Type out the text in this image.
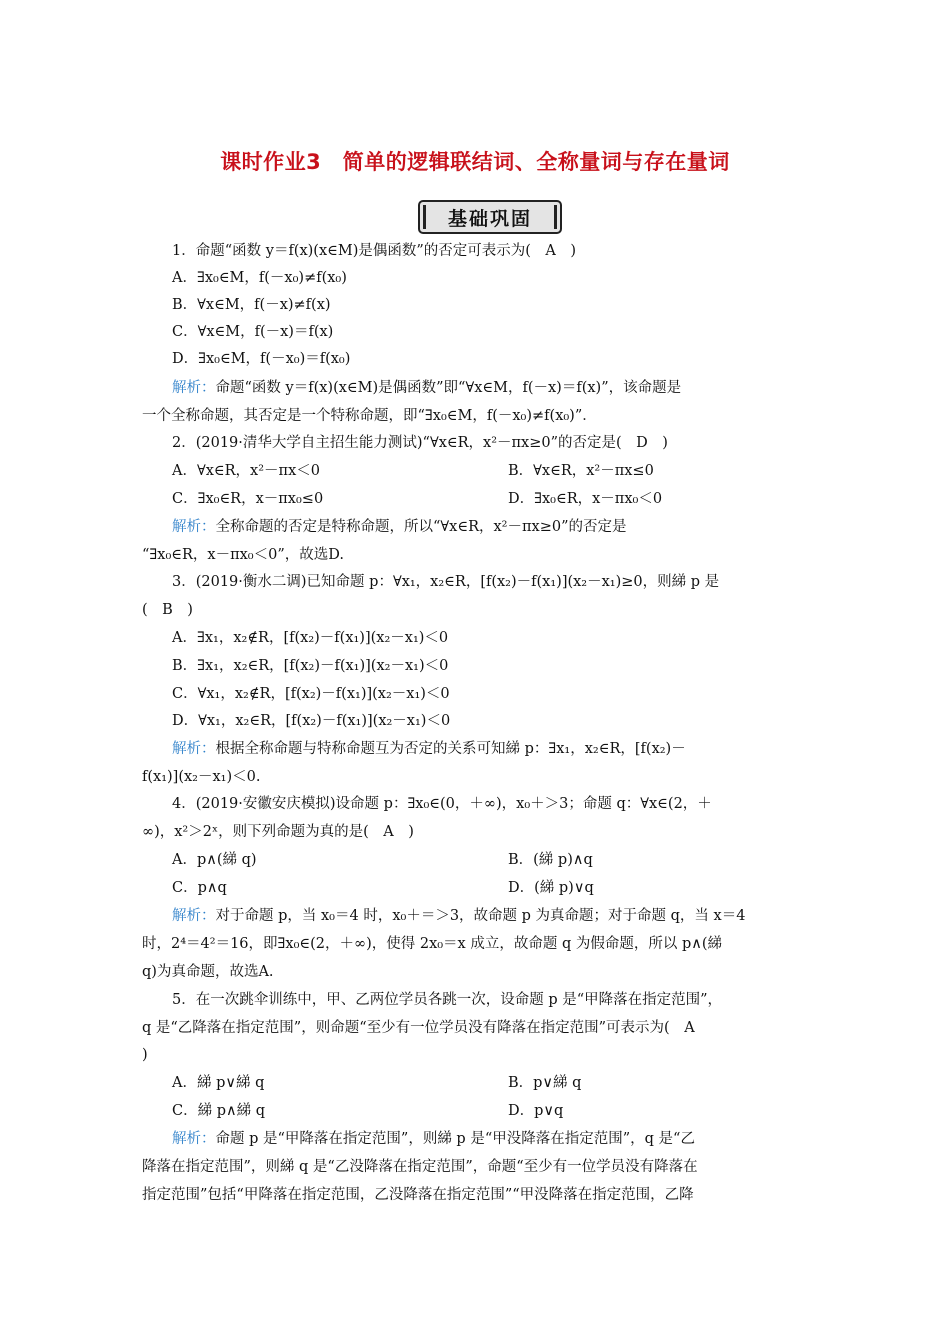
课时作业3　简单的逻辑联结词、全称量词与存在量词
基础巩固
1．命题“函数 y＝f(x)(x∈M)是偶函数”的否定可表示为(　A　)
A．∃x₀∈M，f(－x₀)≠f(x₀)
B．∀x∈M，f(－x)≠f(x)
C．∀x∈M，f(－x)＝f(x)
D．∃x₀∈M，f(－x₀)＝f(x₀)
解析：命题“函数 y＝f(x)(x∈M)是偶函数”即“∀x∈M，f(－x)＝f(x)”，该命题是
一个全称命题，其否定是一个特称命题，即“∃x₀∈M，f(－x₀)≠f(x₀)”．
2．(2019·清华大学自主招生能力测试)“∀x∈R，x²－πx≥0”的否定是(　D　)
A．∀x∈R，x²－πx＜0	B．∀x∈R，x²－πx≤0
C．∃x₀∈R，x－πx₀≤0	D．∃x₀∈R，x－πx₀＜0
解析：全称命题的否定是特称命题，所以“∀x∈R，x²－πx≥0”的否定是
“∃x₀∈R，x－πx₀＜0”，故选D.
3．(2019·衡水二调)已知命题 p：∀x₁，x₂∈R，[f(x₂)－f(x₁)](x₂－x₁)≥0，则綈 p 是
(　B　)
A．∃x₁，x₂∉R，[f(x₂)－f(x₁)](x₂－x₁)＜0
B．∃x₁，x₂∈R，[f(x₂)－f(x₁)](x₂－x₁)＜0
C．∀x₁，x₂∉R，[f(x₂)－f(x₁)](x₂－x₁)＜0
D．∀x₁，x₂∈R，[f(x₂)－f(x₁)](x₂－x₁)＜0
解析：根据全称命题与特称命题互为否定的关系可知綈 p：∃x₁，x₂∈R，[f(x₂)－
f(x₁)](x₂－x₁)＜0.
4．(2019·安徽安庆模拟)设命题 p：∃x₀∈(0，＋∞)，x₀＋＞3；命题 q：∀x∈(2，＋
∞)，x²＞2ˣ，则下列命题为真的是(　A　)
A．p∧(綈 q)	B．(綈 p)∧q
C．p∧q	D．(綈 p)∨q
解析：对于命题 p，当 x₀＝4 时，x₀＋＝＞3，故命题 p 为真命题；对于命题 q，当 x＝4
时，2⁴＝4²＝16，即∃x₀∈(2，＋∞)，使得 2x₀＝x 成立，故命题 q 为假命题，所以 p∧(綈
q)为真命题，故选A.
5．在一次跳伞训练中，甲、乙两位学员各跳一次，设命题 p 是“甲降落在指定范围”，
q 是“乙降落在指定范围”，则命题“至少有一位学员没有降落在指定范围”可表示为(　A
)
A．綈 p∨綈 q	B．p∨綈 q
C．綈 p∧綈 q	D．p∨q
解析：命题 p 是“甲降落在指定范围”，则綈 p 是“甲没降落在指定范围”，q 是“乙
降落在指定范围”，则綈 q 是“乙没降落在指定范围”，命题“至少有一位学员没有降落在
指定范围”包括“甲降落在指定范围，乙没降落在指定范围”“甲没降落在指定范围，乙降
